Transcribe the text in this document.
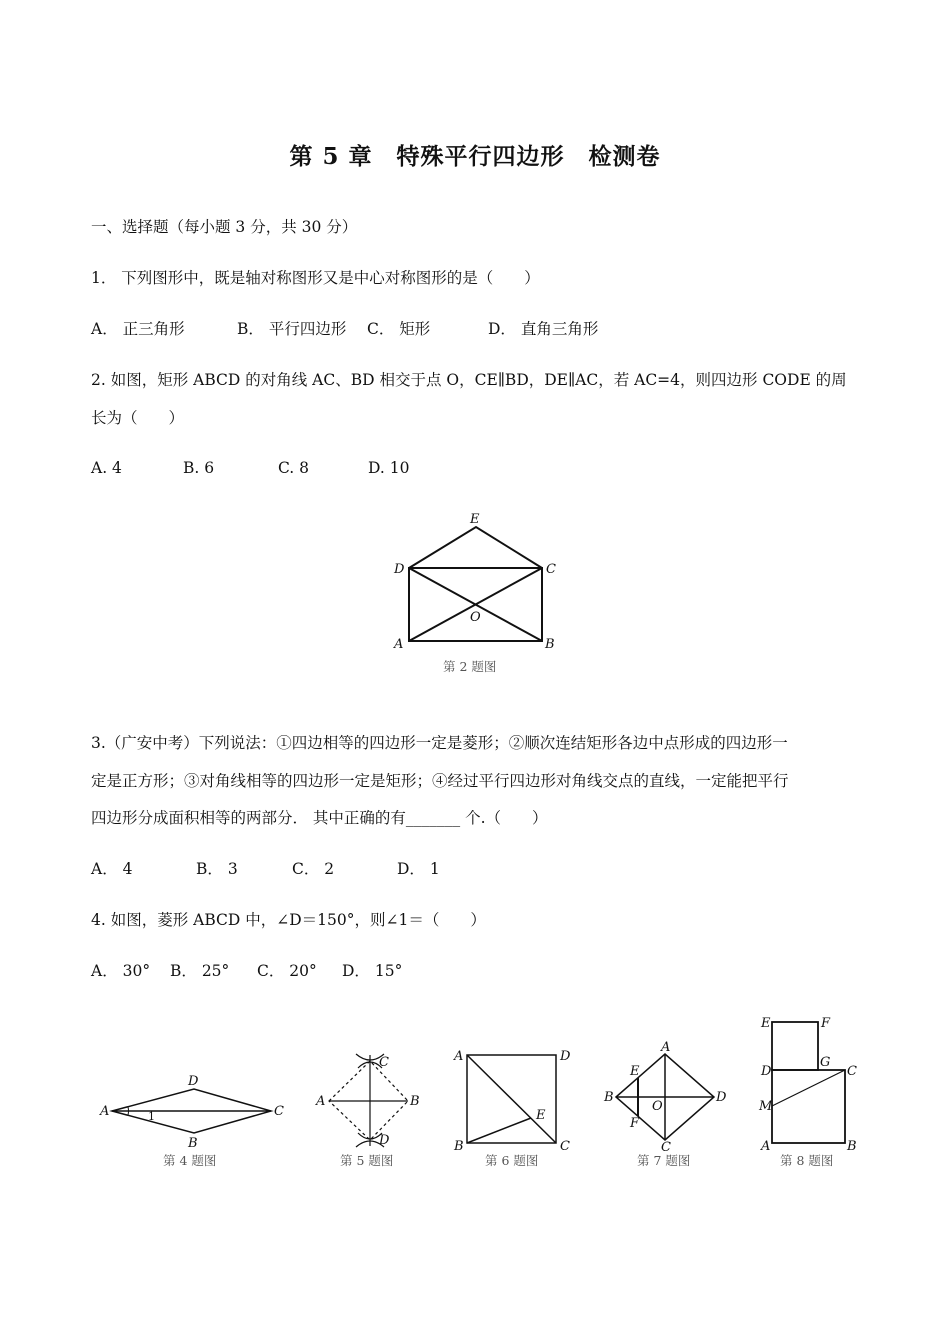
第 5 章　特殊平行四边形　检测卷
一、选择题（每小题 3 分，共 30 分）
1． 下列图形中，既是轴对称图形又是中心对称图形的是（　　）
A． 正三角形	B． 平行四边形 C． 矩形	D． 直角三角形
2. 如图，矩形 ABCD 的对角线 AC、BD 相交于点 O，CE∥BD，DE∥AC，若 AC=4，则四边形 CODE 的周
长为（　　）
A. 4	B. 6	C. 8	D. 10
E
D	C
O
A	B
第 2 题图
3.（广安中考）下列说法：①四边相等的四边形一定是菱形；②顺次连结矩形各边中点形成的四边形一
定是正方形；③对角线相等的四边形一定是矩形；④经过平行四边形对角线交点的直线，一定能把平行
四边形分成面积相等的两部分． 其中正确的有_______ 个.（　　）
A． 4	B． 3	C． 2	D． 1
4. 如图，菱形 ABCD 中，∠D＝150°，则∠1＝（　　）
A． 30° B． 25° C． 20° D． 15°
A
D
C
B
1
第 4 题图
A	B
C
D
第 5 题图
A	D
B	C
E
第 6 题图
A
B	D
C
E
F
O
第 7 题图
E	F
D
G
C
M
A	B
第 8 题图
